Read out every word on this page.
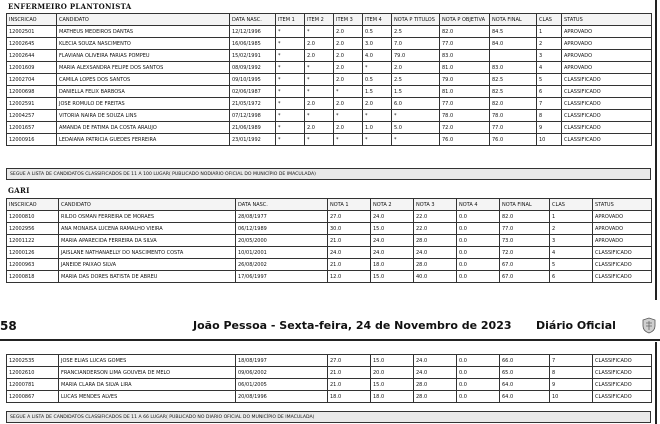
ENFERMEIRO PLANTONISTA
INSCRICAO	CANDIDATO	DATA NASC.	ITEM 1	ITEM 2	ITEM 3	ITEM 4	NOTA P TITULOS	NOTA P OBJETIVA	NOTA FINAL	CLAS	STATUS
12002501	MATHEUS MEDEIROS DANTAS	12/12/1996	*	*	2.0	0.5	2.5	82.0	84.5	1	APROVADO
12002645	KLECIA SOUZA NASCIMENTO	16/06/1985	*	2.0	2.0	3.0	7.0	77.0	84.0	2	APROVADO
12002644	FLAVIANA OLIVEIRA FARIAS POMPEU	15/02/1991	*	2.0	2.0	4.0	79.0	83.0		3	APROVADO
12001609	MARIA ALEXSANDRA FELIPE DOS SANTOS	08/09/1992	*	*	2.0	*	2.0	81.0	83.0	4	APROVADO
12002704	CAMILA LOPES DOS SANTOS	09/10/1995	*	*	2.0	0.5	2.5	79.0	82.5	5	CLASSIFICADO
12000698	DANIELLA FELIX BARBOSA	02/06/1987	*	*	*	1.5	1.5	81.0	82.5	6	CLASSIFICADO
12002591	JOSE ROMULO DE FREITAS	21/05/1972	*	2.0	2.0	2.0	6.0	77.0	82.0	7	CLASSIFICADO
12004257	VITORIA NAIRA DE SOUZA LINS	07/12/1998	*	*	*	*	*	78.0	78.0	8	CLASSIFICADO
12001657	AMANDA DE FATIMA DA COSTA ARAUJO	21/06/1989	*	2.0	2.0	1.0	5.0	72.0	77.0	9	CLASSIFICADO
12000916	LEDAIANA PATRICIA GUEDES FERREIRA	23/01/1992	*	*	*	*	*	76.0	76.0	10	CLASSIFICADO
SEGUE A LISTA DE CANDIDATOS CLASSIFICADOS DE 11 A 100 LUGAR( PUBLICADO NODIARIO OFICIAL DO MUNICÍPIO DE IMACULADA)
GARI
INSCRICAO	CANDIDATO	DATA NASC.	NOTA 1	NOTA 2	NOTA 3	NOTA 4	NOTA FINAL	CLAS	STATUS
12000810	RILDO OSMAN FERREIRA DE MORAES	28/08/1977	27.0	24.0	22.0	0.0	82.0	1	APROVADO
12002956	ANA MONAISA LUCENA RAMALHO VIEIRA	06/12/1989	30.0	15.0	22.0	0.0	77.0	2	APROVADO
12001122	MARIA APARECIDA FERREIRA DA SILVA	20/05/2000	21.0	24.0	28.0	0.0	73.0	3	APROVADO
12000126	JAISLANE NATHANAELLY DO NASCIMENTO COSTA	10/01/2001	24.0	24.0	24.0	0.0	72.0	4	CLASSIFICADO
12000963	JANEIDE PAIXAO SILVA	26/08/2002	21.0	18.0	28.0	0.0	67.0	5	CLASSIFICADO
12000818	MARIA DAS DORES BATISTA DE ABREU	17/06/1997	12.0	15.0	40.0	0.0	67.0	6	CLASSIFICADO
58	João Pessoa - Sexta-feira, 24 de Novembro de 2023 Diário Oficial
12002535	JOSE ELIAS LUCAS GOMES	18/08/1997	27.0	15.0	24.0	0.0	66.0	7	CLASSIFICADO
12002610	FRANCIANDERSON LIMA GOUVEIA DE MELO	09/06/2002	21.0	20.0	24.0	0.0	65.0	8	CLASSIFICADO
12000781	MARIA CLARA DA SILVA LIRA	06/01/2005	21.0	15.0	28.0	0.0	64.0	9	CLASSIFICADO
12000867	LUCAS MENDES ALVES	20/08/1996	18.0	18.0	28.0	0.0	64.0	10	CLASSIFICADO
SEGUE A LISTA DE CANDIDATOS CLASSIFICADOS DE 11 A 66 LUGAR( PUBLICADO NO DIARIO OFICIAL DO MUNICÍPIO DE IMACULADA)
